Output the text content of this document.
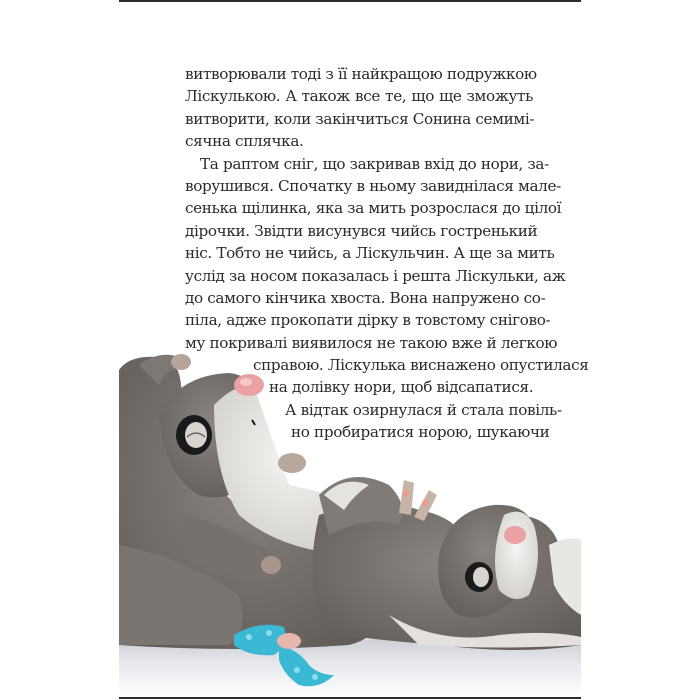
витворювали тоді з її найкращою подружкою
Ліскулькою. А також все те, що ще зможуть
витворити, коли закінчиться Сонина семимі-
сячна сплячка.
Та раптом сніг, що закривав вхід до нори, за-
ворушився. Спочатку в ньому завиднілася мале-
сенька щілинка, яка за мить розрослася до цілої
дірочки. Звідти висунувся чийсь гостренький
ніс. Тобто не чийсь, а Ліскульчин. А ще за мить
услід за носом показалась і решта Ліскульки, аж
до самого кінчика хвоста. Вона напружено со-
піла, адже прокопати дірку в товстому снігово-
му покривалі виявилося не такою вже й легкою
справою. Ліскулька виснажено опустилася
на долівку нори, щоб відсапатися.
А відтак озирнулася й стала повіль-
но пробиратися норою, шукаючи
